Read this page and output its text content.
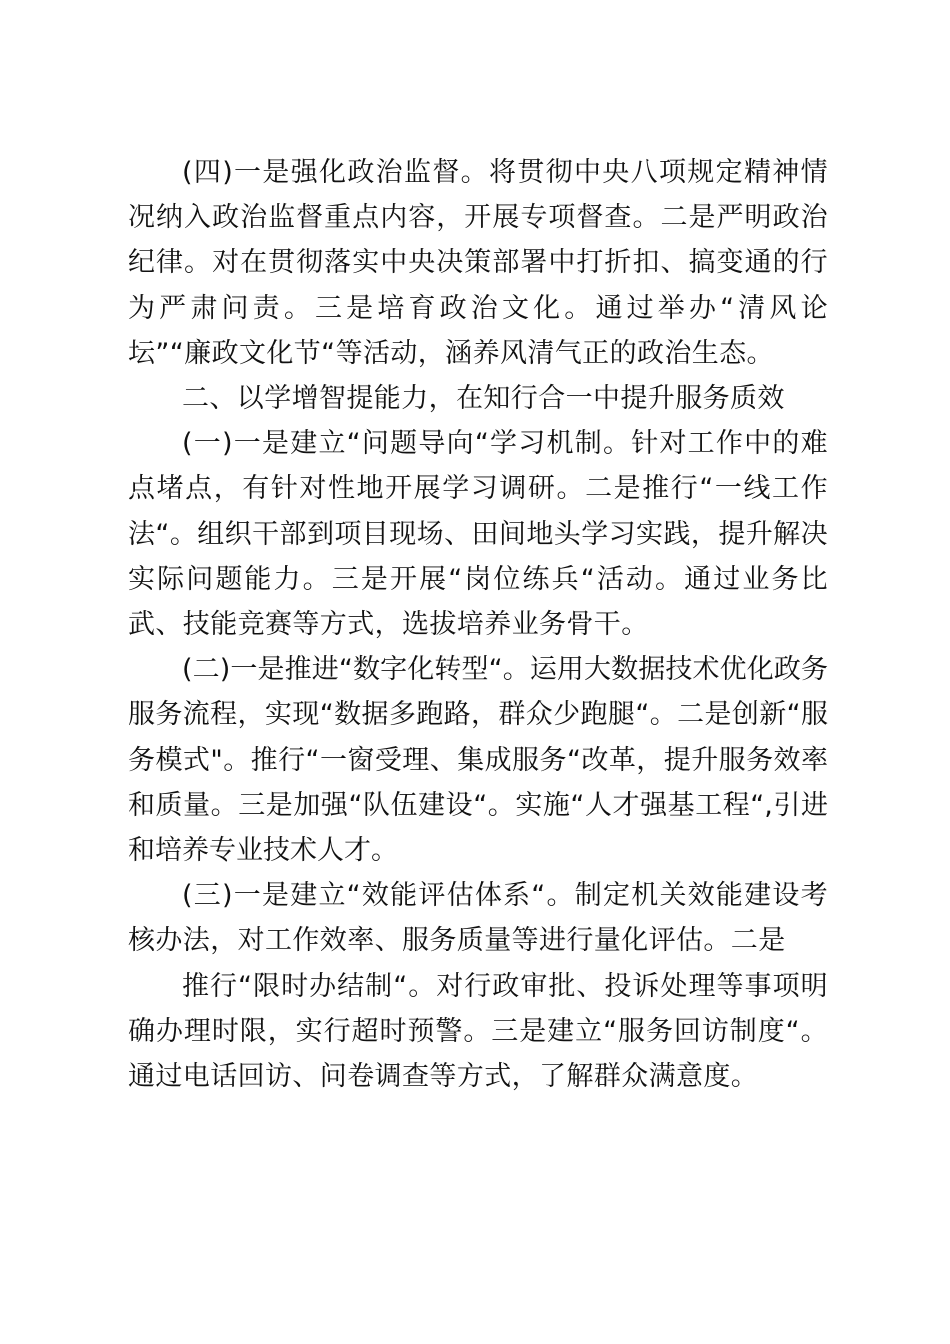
(四)一是强化政治监督。将贯彻中央八项规定精神情况纳入政治监督重点内容，开展专项督查。二是严明政治纪律。对在贯彻落实中央决策部署中打折扣、搞变通的行为严肃问责。三是培育政治文化。通过举办“清风论坛”“廉政文化节“等活动，涵养风清气正的政治生态。

二、以学增智提能力，在知行合一中提升服务质效

(一)一是建立“问题导向“学习机制。针对工作中的难点堵点，有针对性地开展学习调研。二是推行“一线工作法“。组织干部到项目现场、田间地头学习实践，提升解决实际问题能力。三是开展“岗位练兵“活动。通过业务比武、技能竞赛等方式，选拔培养业务骨干。

(二)一是推进“数字化转型“。运用大数据技术优化政务服务流程，实现“数据多跑路，群众少跑腿“。二是创新“服务模式"。推行“一窗受理、集成服务“改革，提升服务效率和质量。三是加强“队伍建设“。实施“人才强基工程“,引进和培养专业技术人才。

(三)一是建立“效能评估体系“。制定机关效能建设考核办法，对工作效率、服务质量等进行量化评估。二是

推行“限时办结制“。对行政审批、投诉处理等事项明确办理时限，实行超时预警。三是建立“服务回访制度“。通过电话回访、问卷调查等方式，了解群众满意度。
